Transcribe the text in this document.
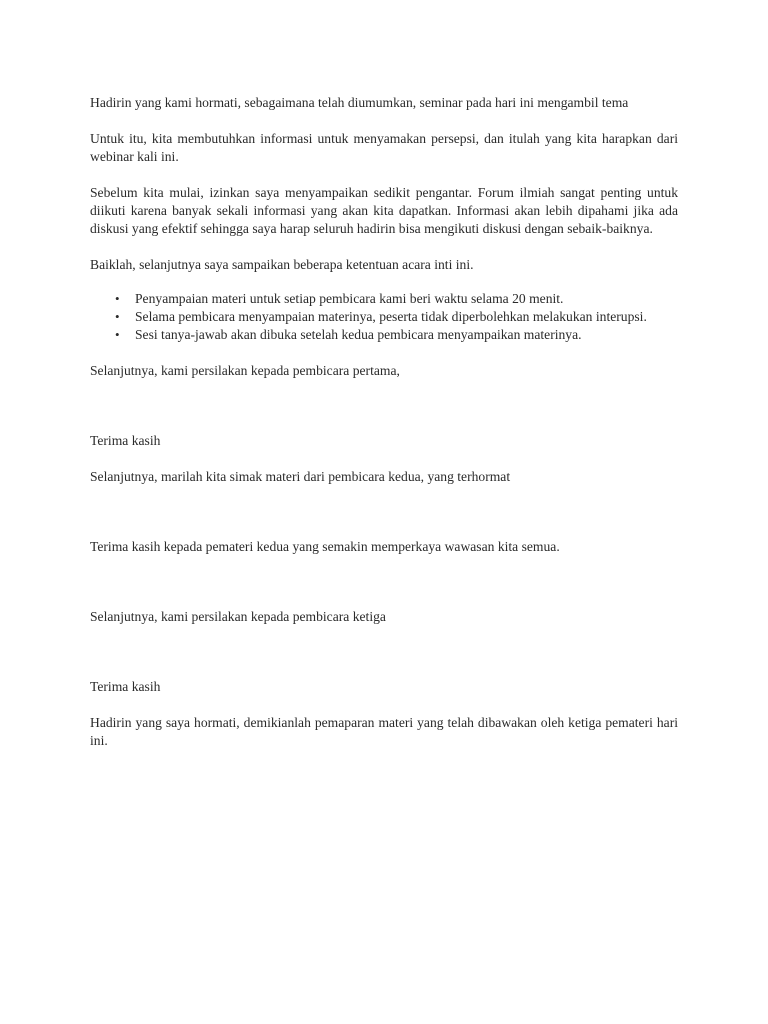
Hadirin yang kami hormati, sebagaimana telah diumumkan, seminar pada hari ini mengambil tema

Untuk itu, kita membutuhkan informasi untuk menyamakan persepsi, dan itulah yang kita harapkan dari webinar kali ini.

Sebelum kita mulai, izinkan saya menyampaikan sedikit pengantar. Forum ilmiah sangat penting untuk diikuti karena banyak sekali informasi yang akan kita dapatkan. Informasi akan lebih dipahami jika ada diskusi yang efektif sehingga saya harap seluruh hadirin bisa mengikuti diskusi dengan sebaik-baiknya.

Baiklah, selanjutnya saya sampaikan beberapa ketentuan acara inti ini.

•	Penyampaian materi untuk setiap pembicara kami beri waktu selama 20 menit.
•	Selama pembicara menyampaian materinya, peserta tidak diperbolehkan melakukan interupsi.
•	Sesi tanya-jawab akan dibuka setelah kedua pembicara menyampaikan materinya.

Selanjutnya, kami persilakan kepada pembicara pertama,

Terima kasih

Selanjutnya, marilah kita simak materi dari pembicara kedua, yang terhormat

Terima kasih kepada pemateri kedua yang semakin memperkaya wawasan kita semua.

Selanjutnya, kami persilakan kepada pembicara ketiga

Terima kasih

Hadirin yang saya hormati, demikianlah pemaparan materi yang telah dibawakan oleh ketiga pemateri hari ini.
